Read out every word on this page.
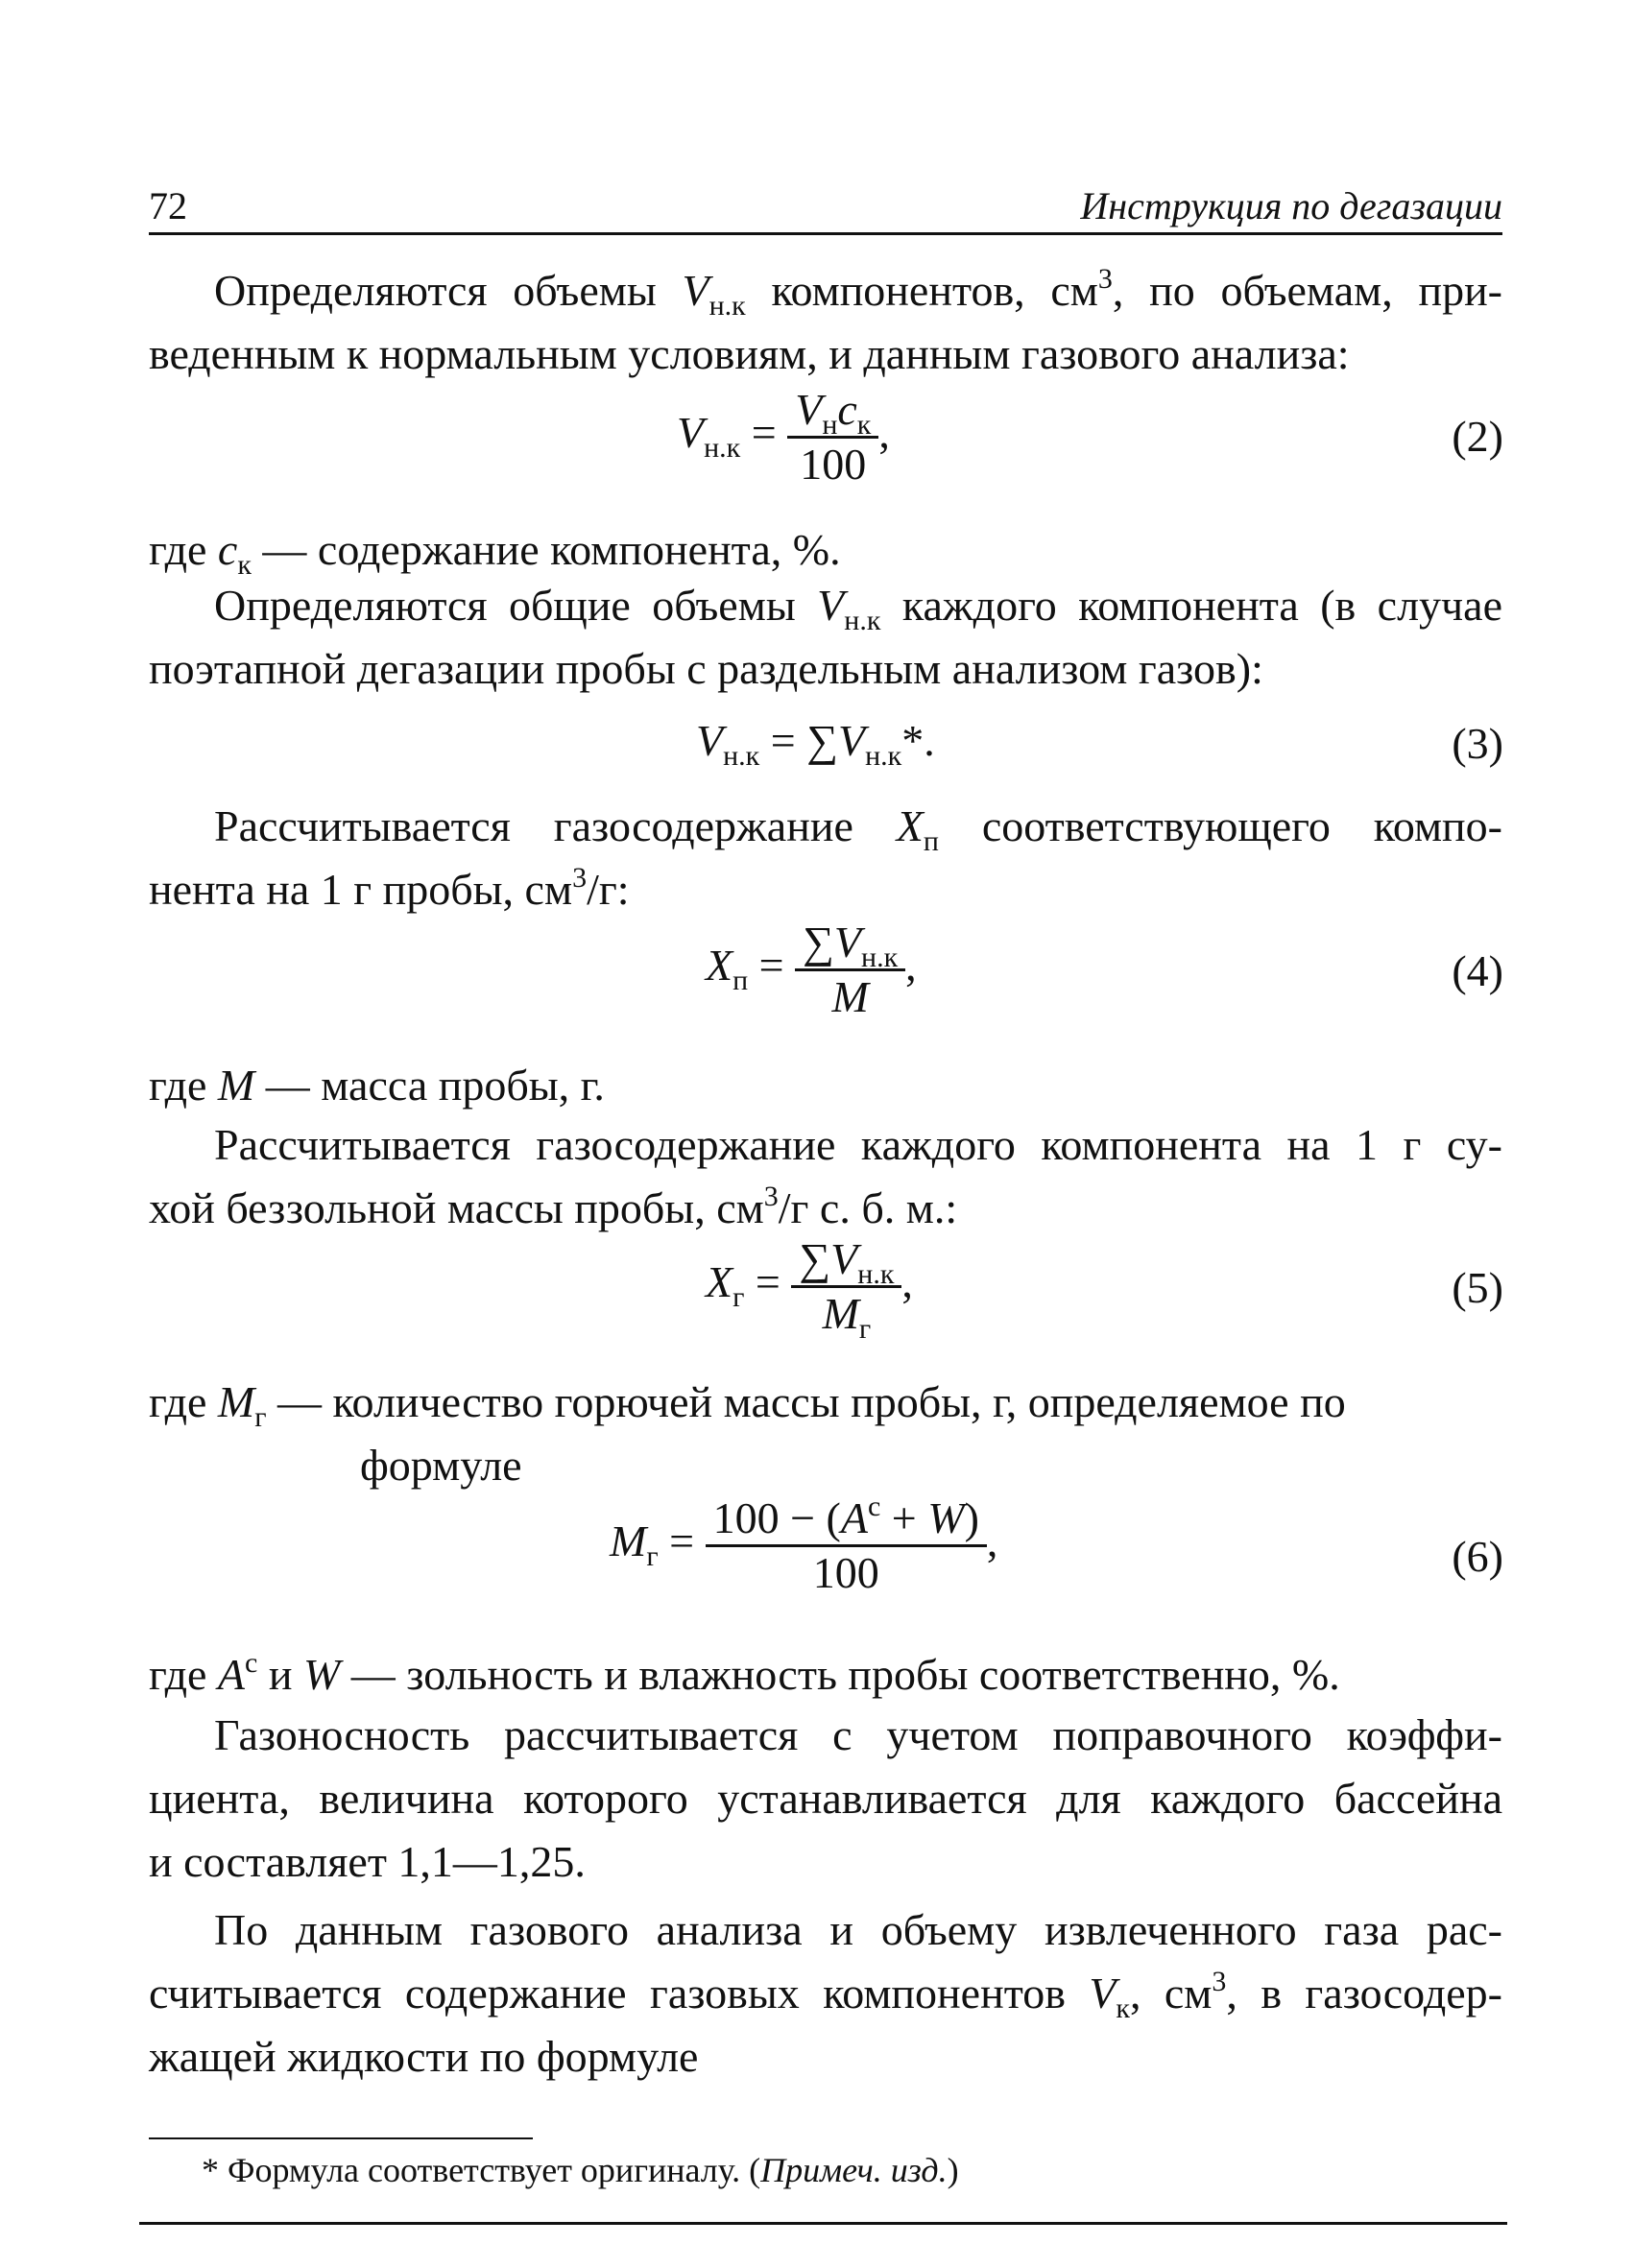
72	Инструкция по дегазации
Определяются объемы $V_{н.к}$ компонентов, $см^3$, по объемам, при-
веденным к нормальным условиям, и данным газового анализа:
$V_{н.к} = \frac{V_нc_к}{100}$ ,	(2)
где $c_к$ — содержание компонента, %.
Определяются общие объемы $V_{н.к}$ каждого компонента (в случае
поэтапной дегазации пробы с раздельным анализом газов):
$V_{н.к} = \sum V_{н.к}*$.	(3)
Рассчитывается газосодержание $X_п$ соответствующего компо-
нента на 1 г пробы, $см^3/г$:
$X_п = \frac{\sum V_{н.к}}{M}$ ,	(4)
где M — масса пробы, г.
Рассчитывается газосодержание каждого компонента на 1 г су-
хой беззольной массы пробы, $см^3/г$ с. б. м.:
$X_г = \frac{\sum V_{н.к}}{M_г}$ ,	(5)
где $M_г$ — количество горючей массы пробы, г, определяемое по
формуле
$M_г = \frac{100 - (A^c + W)}{100}$ ,	(6)
где $A^c$ и W — зольность и влажность пробы соответственно, %.
Газоносность рассчитывается с учетом поправочного коэффи-
циента, величина которого устанавливается для каждого бассейна
и составляет 1,1—1,25.
По данным газового анализа и объему извлеченного газа рас-
считывается содержание газовых компонентов $V_к$, $см^3$, в газосодер-
жащей жидкости по формуле
* Формула соответствует оригиналу. (Примеч. изд.)
